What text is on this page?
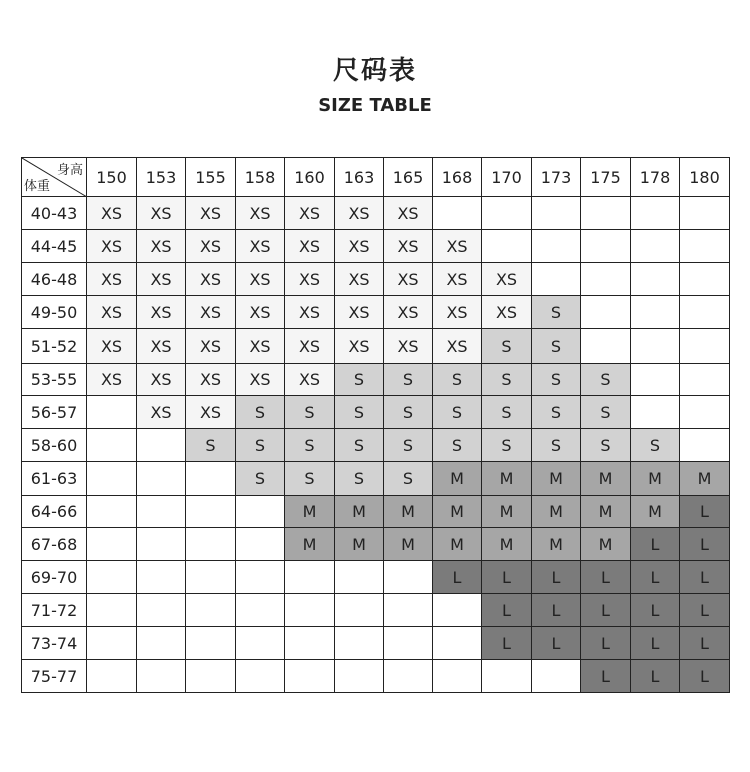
尺码表
SIZE TABLE
身高
体重	150	153	155	158	160	163	165	168	170	173	175	178	180
40-43	XS	XS	XS	XS	XS	XS	XS						
44-45	XS	XS	XS	XS	XS	XS	XS	XS					
46-48	XS	XS	XS	XS	XS	XS	XS	XS	XS				
49-50	XS	XS	XS	XS	XS	XS	XS	XS	XS	S			
51-52	XS	XS	XS	XS	XS	XS	XS	XS	S	S			
53-55	XS	XS	XS	XS	XS	S	S	S	S	S	S		
56-57		XS	XS	S	S	S	S	S	S	S	S		
58-60			S	S	S	S	S	S	S	S	S	S	
61-63				S	S	S	S	M	M	M	M	M	M
64-66					M	M	M	M	M	M	M	M	L
67-68					M	M	M	M	M	M	M	L	L
69-70								L	L	L	L	L	L
71-72									L	L	L	L	L
73-74									L	L	L	L	L
75-77											L	L	L
